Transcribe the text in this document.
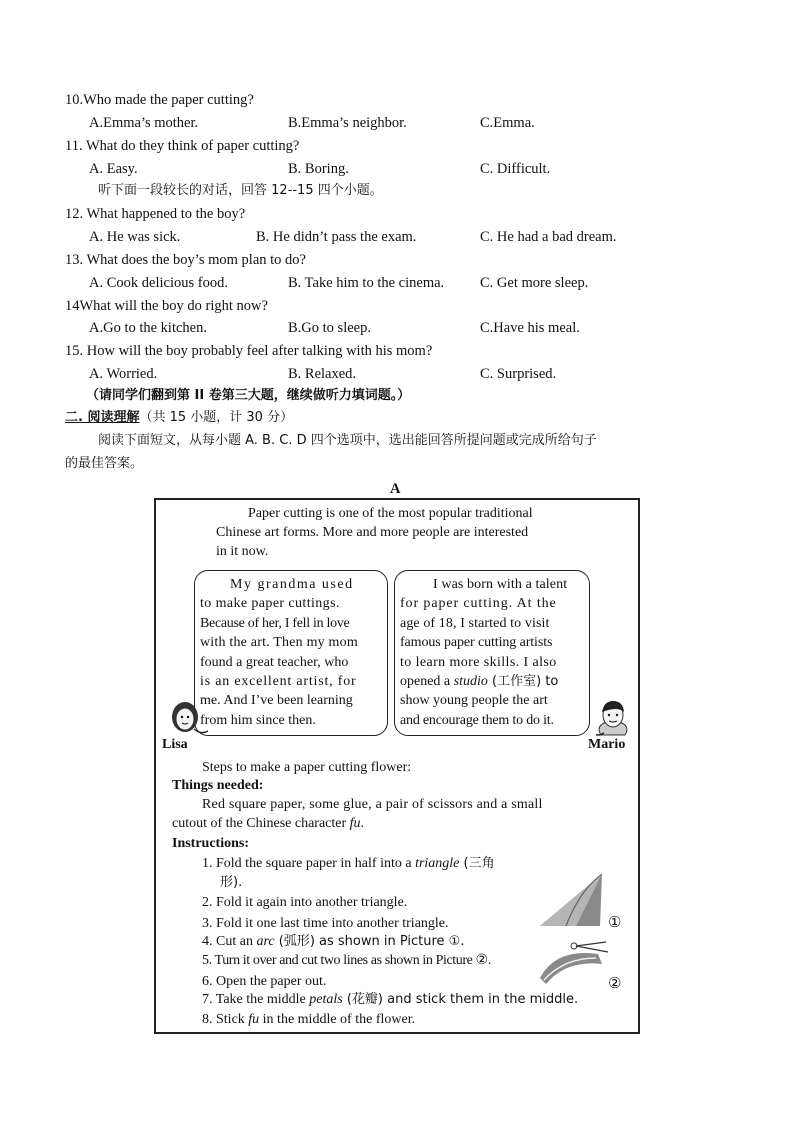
10.Who made the paper cutting?
A.Emma’s mother.	B.Emma’s neighbor.	C.Emma.
11. What do they think of paper cutting?
A. Easy.	B. Boring.	C. Difficult.
听下面一段较长的对话，回答 12--15 四个小题。
12. What happened to the boy?
A. He was sick.	B. He didn’t pass the exam.	C. He had a bad dream.
13. What does the boy’s mom plan to do?
A. Cook delicious food.	B. Take him to the cinema. C. Get more sleep.
14What will the boy do right now?
A.Go to the kitchen.	B.Go to sleep.	C.Have his meal.
15. How will the boy probably feel after talking with his mom?
A. Worried.	B. Relaxed.	C. Surprised.
（请同学们翻到第 II 卷第三大题，继续做听力填词题。）
二. 阅读理解（共 15 小题，计 30 分）
阅读下面短文，从每小题 A. B. C. D 四个选项中，选出能回答所提问题或完成所给句子
的最佳答案。
A
Paper cutting is one of the most popular traditional
Chinese art forms. More and more people are interested
in it now.
My grandma used
to make paper cuttings.
Because of her, I fell in love
with the art. Then my mom
found a great teacher, who
is an excellent artist, for
me. And I’ve been learning
from him since then.
Lisa
I was born with a talent
for paper cutting. At the
age of 18, I started to visit
famous paper cutting artists
to learn more skills. I also
opened a studio (工作室) to
show young people the art
and encourage them to do it.
Mario
Steps to make a paper cutting flower:
Things needed:
Red square paper, some glue, a pair of scissors and a small
cutout of the Chinese character fu.
Instructions:
1. Fold the square paper in half into a triangle (三角
形).
2. Fold it again into another triangle.
3. Fold it one last time into another triangle.
4. Cut an arc (弧形) as shown in Picture ①.
5. Turn it over and cut two lines as shown in Picture ②.
6. Open the paper out.
7. Take the middle petals (花瓣) and stick them in the middle.
8. Stick fu in the middle of the flower.
①
②
